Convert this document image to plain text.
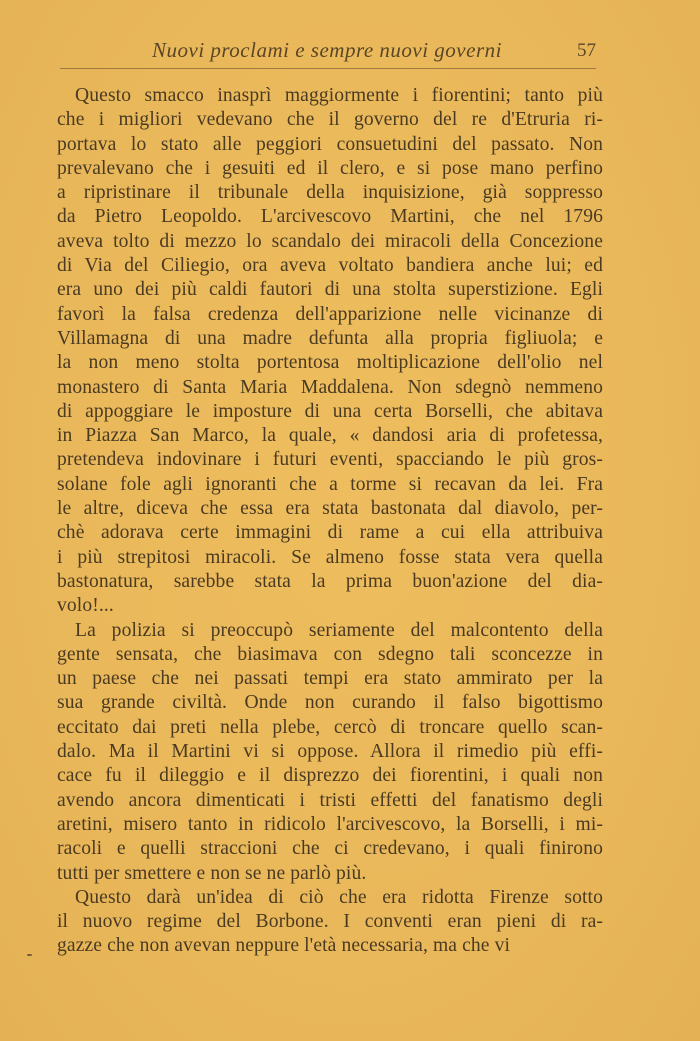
Nuovi proclami e sempre nuovi governi	57
Questo smacco inasprì maggiormente i fiorentini; tanto più
che i migliori vedevano che il governo del re d'Etruria ri-
portava lo stato alle peggiori consuetudini del passato. Non
prevalevano che i gesuiti ed il clero, e si pose mano perfino
a ripristinare il tribunale della inquisizione, già soppresso
da Pietro Leopoldo. L'arcivescovo Martini, che nel 1796
aveva tolto di mezzo lo scandalo dei miracoli della Concezione
di Via del Ciliegio, ora aveva voltato bandiera anche lui; ed
era uno dei più caldi fautori di una stolta superstizione. Egli
favorì la falsa credenza dell'apparizione nelle vicinanze di
Villamagna di una madre defunta alla propria figliuola; e
la non meno stolta portentosa moltiplicazione dell'olio nel
monastero di Santa Maria Maddalena. Non sdegnò nemmeno
di appoggiare le imposture di una certa Borselli, che abitava
in Piazza San Marco, la quale, « dandosi aria di profetessa,
pretendeva indovinare i futuri eventi, spacciando le più gros-
solane fole agli ignoranti che a torme si recavan da lei. Fra
le altre, diceva che essa era stata bastonata dal diavolo, per-
chè adorava certe immagini di rame a cui ella attribuiva
i più strepitosi miracoli. Se almeno fosse stata vera quella
bastonatura, sarebbe stata la prima buon'azione del dia-
volo!...
La polizia si preoccupò seriamente del malcontento della
gente sensata, che biasimava con sdegno tali sconcezze in
un paese che nei passati tempi era stato ammirato per la
sua grande civiltà. Onde non curando il falso bigottismo
eccitato dai preti nella plebe, cercò di troncare quello scan-
dalo. Ma il Martini vi si oppose. Allora il rimedio più effi-
cace fu il dileggio e il disprezzo dei fiorentini, i quali non
avendo ancora dimenticati i tristi effetti del fanatismo degli
aretini, misero tanto in ridicolo l'arcivescovo, la Borselli, i mi-
racoli e quelli straccioni che ci credevano, i quali finirono
tutti per smettere e non se ne parlò più.
Questo darà un'idea di ciò che era ridotta Firenze sotto
il nuovo regime del Borbone. I conventi eran pieni di ra-
gazze che non avevan neppure l'età necessaria, ma che vi
